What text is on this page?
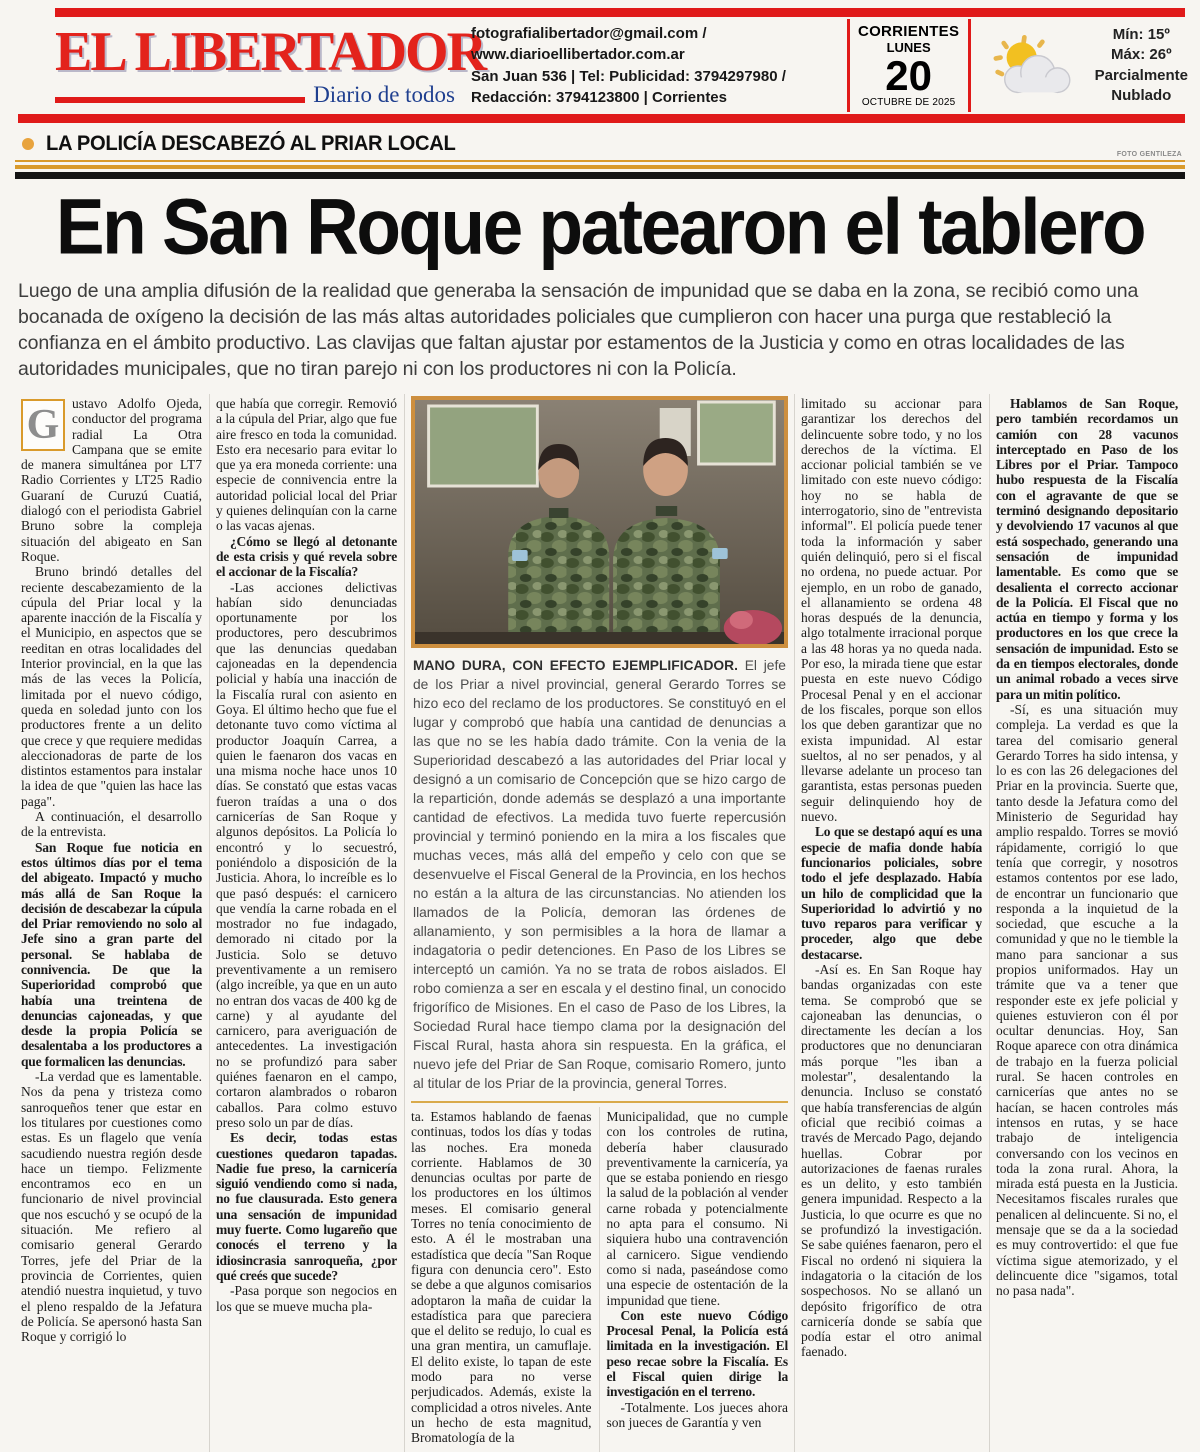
EL LIBERTADOR
Diario de todos
fotografialibertador@gmail.com /
www.diarioellibertador.com.ar
San Juan 536 | Tel: Publicidad: 3794297980 /
Redacción: 3794123800 | Corrientes
CORRIENTES
LUNES
20
OCTUBRE DE 2025
Mín: 15º
Máx: 26º
Parcialmente
Nublado
LA POLICÍA DESCABEZÓ AL PRIAR LOCAL	FOTO GENTILEZA
En San Roque patearon el tablero

Luego de una amplia difusión de la realidad que generaba la sensación de impunidad que se daba en la zona, se recibió como una bocanada de oxígeno la decisión de las más altas autoridades policiales que cumplieron con hacer una purga que restableció la confianza en el ámbito productivo. Las clavijas que faltan ajustar por estamentos de la Justicia y como en otras localidades de las autoridades municipales, que no tiran parejo ni con los productores ni con la Policía.

G ustavo Adolfo Ojeda, conductor del programa radial La Otra Campana que se emite de manera simultánea por LT7 Radio Corrientes y LT25 Radio Guaraní de Curuzú Cuatiá, dialogó con el periodista Gabriel Bruno sobre la compleja situación del abigeato en San Roque.

Bruno brindó detalles del reciente descabezamiento de la cúpula del Priar local y la aparente inacción de la Fiscalía y el Municipio, en aspectos que se reeditan en otras localidades del Interior provincial, en la que las más de las veces la Policía, limitada por el nuevo código, queda en soledad junto con los productores frente a un delito que crece y que requiere medidas aleccionadoras de parte de los distintos estamentos para instalar la idea de que "quien las hace las paga".

A continuación, el desarrollo de la entrevista.

San Roque fue noticia en estos últimos días por el tema del abigeato. Impactó y mucho más allá de San Roque la decisión de descabezar la cúpula del Priar removiendo no solo al Jefe sino a gran parte del personal. Se hablaba de connivencia. De que la Superioridad comprobó que había una treintena de denuncias cajoneadas, y que desde la propia Policía se desalentaba a los productores a que formalicen las denuncias.

-La verdad que es lamentable. Nos da pena y tristeza como sanroqueños tener que estar en los titulares por cuestiones como estas. Es un flagelo que venía sacudiendo nuestra región desde hace un tiempo. Felizmente encontramos eco en un funcionario de nivel provincial que nos escuchó y se ocupó de la situación. Me refiero al comisario general Gerardo Torres, jefe del Priar de la provincia de Corrientes, quien atendió nuestra inquietud, y tuvo el pleno respaldo de la Jefatura de Policía. Se apersonó hasta San Roque y corrigió lo

que había que corregir. Removió a la cúpula del Priar, algo que fue aire fresco en toda la comunidad. Esto era necesario para evitar lo que ya era moneda corriente: una especie de connivencia entre la autoridad policial local del Priar y quienes delinquían con la carne o las vacas ajenas.

¿Cómo se llegó al detonante de esta crisis y qué revela sobre el accionar de la Fiscalía?

-Las acciones delictivas habían sido denunciadas oportunamente por los productores, pero descubrimos que las denuncias quedaban cajoneadas en la dependencia policial y había una inacción de la Fiscalía rural con asiento en Goya. El último hecho que fue el detonante tuvo como víctima al productor Joaquín Carrea, a quien le faenaron dos vacas en una misma noche hace unos 10 días. Se constató que estas vacas fueron traídas a una o dos carnicerías de San Roque y algunos depósitos. La Policía lo encontró y lo secuestró, poniéndolo a disposición de la Justicia. Ahora, lo increíble es lo que pasó después: el carnicero que vendía la carne robada en el mostrador no fue indagado, demorado ni citado por la Justicia. Solo se detuvo preventivamente a un remisero (algo increíble, ya que en un auto no entran dos vacas de 400 kg de carne) y al ayudante del carnicero, para averiguación de antecedentes. La investigación no se profundizó para saber quiénes faenaron en el campo, cortaron alambrados o robaron caballos. Para colmo estuvo preso solo un par de días.

Es decir, todas estas cuestiones quedaron tapadas. Nadie fue preso, la carnicería siguió vendiendo como si nada, no fue clausurada. Esto genera una sensación de impunidad muy fuerte. Como lugareño que conocés el terreno y la idiosincrasia sanroqueña, ¿por qué creés que sucede?

-Pasa porque son negocios en los que se mueve mucha pla-

MANO DURA, CON EFECTO EJEMPLIFICADOR. El jefe de los Priar a nivel provincial, general Gerardo Torres se hizo eco del reclamo de los productores. Se constituyó en el lugar y comprobó que había una cantidad de denuncias a las que no se les había dado trámite. Con la venia de la Superioridad descabezó a las autoridades del Priar local y designó a un comisario de Concepción que se hizo cargo de la repartición, donde además se desplazó a una importante cantidad de efectivos. La medida tuvo fuerte repercusión provincial y terminó poniendo en la mira a los fiscales que muchas veces, más allá del empeño y celo con que se desenvuelve el Fiscal General de la Provincia, en los hechos no están a la altura de las circunstancias. No atienden los llamados de la Policía, demoran las órdenes de allanamiento, y son permisibles a la hora de llamar a indagatoria o pedir detenciones. En Paso de los Libres se interceptó un camión. Ya no se trata de robos aislados. El robo comienza a ser en escala y el destino final, un conocido frigorífico de Misiones. En el caso de Paso de los Libres, la Sociedad Rural hace tiempo clama por la designación del Fiscal Rural, hasta ahora sin respuesta. En la gráfica, el nuevo jefe del Priar de San Roque, comisario Romero, junto al titular de los Priar de la provincia, general Torres.

ta. Estamos hablando de faenas continuas, todos los días y todas las noches. Era moneda corriente. Hablamos de 30 denuncias ocultas por parte de los productores en los últimos meses. El comisario general Torres no tenía conocimiento de esto. A él le mostraban una estadística que decía "San Roque figura con denuncia cero". Esto se debe a que algunos comisarios adoptaron la maña de cuidar la estadística para que pareciera que el delito se redujo, lo cual es una gran mentira, un camuflaje. El delito existe, lo tapan de este modo para no verse perjudicados. Además, existe la complicidad a otros niveles. Ante un hecho de esta magnitud, Bromatología de la

Municipalidad, que no cumple con los controles de rutina, debería haber clausurado preventivamente la carnicería, ya que se estaba poniendo en riesgo la salud de la población al vender carne robada y potencialmente no apta para el consumo. Ni siquiera hubo una contravención al carnicero. Sigue vendiendo como si nada, paseándose como una especie de ostentación de la impunidad que tiene.

Con este nuevo Código Procesal Penal, la Policía está limitada en la investigación. El peso recae sobre la Fiscalía. Es el Fiscal quien dirige la investigación en el terreno.

-Totalmente. Los jueces ahora son jueces de Garantía y ven

limitado su accionar para garantizar los derechos del delincuente sobre todo, y no los derechos de la víctima. El accionar policial también se ve limitado con este nuevo código: hoy no se habla de interrogatorio, sino de "entrevista informal". El policía puede tener toda la información y saber quién delinquió, pero si el fiscal no ordena, no puede actuar. Por ejemplo, en un robo de ganado, el allanamiento se ordena 48 horas después de la denuncia, algo totalmente irracional porque a las 48 horas ya no queda nada. Por eso, la mirada tiene que estar puesta en este nuevo Código Procesal Penal y en el accionar de los fiscales, porque son ellos los que deben garantizar que no exista impunidad. Al estar sueltos, al no ser penados, y al llevarse adelante un proceso tan garantista, estas personas pueden seguir delinquiendo hoy de nuevo.

Lo que se destapó aquí es una especie de mafia donde había funcionarios policiales, sobre todo el jefe desplazado. Había un hilo de complicidad que la Superioridad lo advirtió y no tuvo reparos para verificar y proceder, algo que debe destacarse.

-Así es. En San Roque hay bandas organizadas con este tema. Se comprobó que se cajoneaban las denuncias, o directamente les decían a los productores que no denunciaran más porque "les iban a molestar", desalentando la denuncia. Incluso se constató que había transferencias de algún oficial que recibió coimas a través de Mercado Pago, dejando huellas. Cobrar por autorizaciones de faenas rurales es un delito, y esto también genera impunidad. Respecto a la Justicia, lo que ocurre es que no se profundizó la investigación. Se sabe quiénes faenaron, pero el Fiscal no ordenó ni siquiera la indagatoria o la citación de los sospechosos. No se allanó un depósito frigorífico de otra carnicería donde se sabía que podía estar el otro animal faenado.

Hablamos de San Roque, pero también recordamos un camión con 28 vacunos interceptado en Paso de los Libres por el Priar. Tampoco hubo respuesta de la Fiscalía con el agravante de que se terminó designando depositario y devolviendo 17 vacunos al que está sospechado, generando una sensación de impunidad lamentable. Es como que se desalienta el correcto accionar de la Policía. El Fiscal que no actúa en tiempo y forma y los productores en los que crece la sensación de impunidad. Esto se da en tiempos electorales, donde un animal robado a veces sirve para un mitin político.

-Sí, es una situación muy compleja. La verdad es que la tarea del comisario general Gerardo Torres ha sido intensa, y lo es con las 26 delegaciones del Priar en la provincia. Suerte que, tanto desde la Jefatura como del Ministerio de Seguridad hay amplio respaldo. Torres se movió rápidamente, corrigió lo que tenía que corregir, y nosotros estamos contentos por ese lado, de encontrar un funcionario que responda a la inquietud de la sociedad, que escuche a la comunidad y que no le tiemble la mano para sancionar a sus propios uniformados. Hay un trámite que va a tener que responder este ex jefe policial y quienes estuvieron con él por ocultar denuncias. Hoy, San Roque aparece con otra dinámica de trabajo en la fuerza policial rural. Se hacen controles en carnicerías que antes no se hacían, se hacen controles más intensos en rutas, y se hace trabajo de inteligencia conversando con los vecinos en toda la zona rural. Ahora, la mirada está puesta en la Justicia. Necesitamos fiscales rurales que penalicen al delincuente. Si no, el mensaje que se da a la sociedad es muy controvertido: el que fue víctima sigue atemorizado, y el delincuente dice "sigamos, total no pasa nada".
